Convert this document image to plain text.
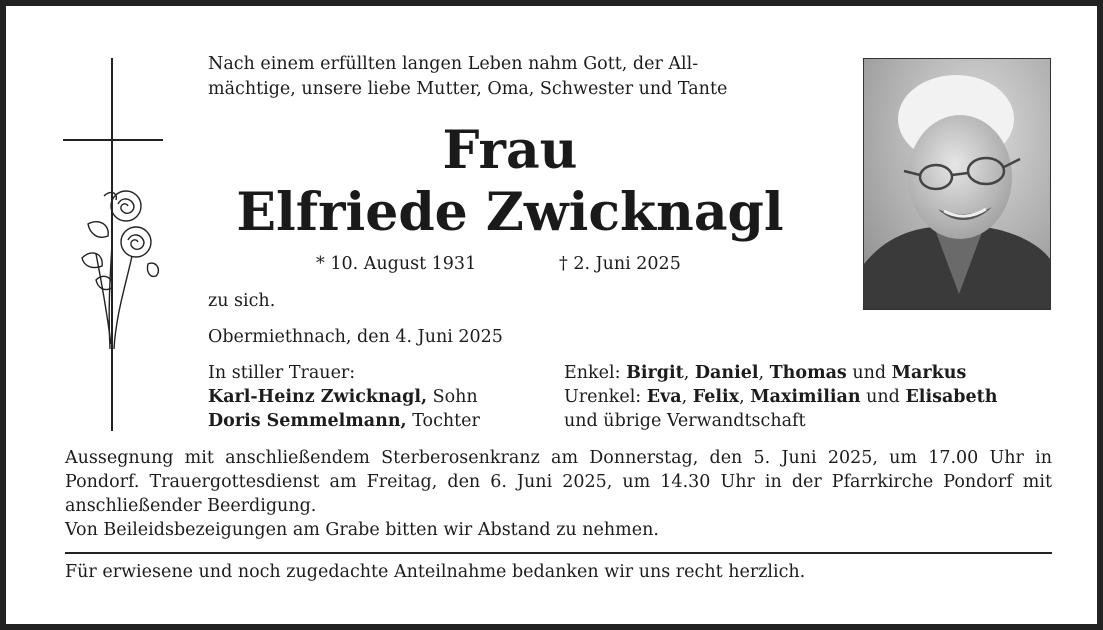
Nach einem erfüllten langen Leben nahm Gott, der All-
mächtige, unsere liebe Mutter, Oma, Schwester und Tante
Frau
Elfriede Zwicknagl
* 10. August 1931	† 2. Juni 2025
zu sich.
Obermiethnach, den 4. Juni 2025
In stiller Trauer:
Karl-Heinz Zwicknagl, Sohn
Doris Semmelmann, Tochter
Enkel: Birgit, Daniel, Thomas und Markus
Urenkel: Eva, Felix, Maximilian und Elisabeth
und übrige Verwandtschaft

Aussegnung mit anschließendem Sterberosenkranz am Donnerstag, den 5. Juni 2025, um 17.00 Uhr in Pondorf. Trauergottesdienst am Freitag, den 6. Juni 2025, um 14.30 Uhr in der Pfarrkirche Pondorf mit anschließender Beerdigung.

Von Beileidsbezeigungen am Grabe bitten wir Abstand zu nehmen.

Für erwiesene und noch zugedachte Anteilnahme bedanken wir uns recht herzlich.
